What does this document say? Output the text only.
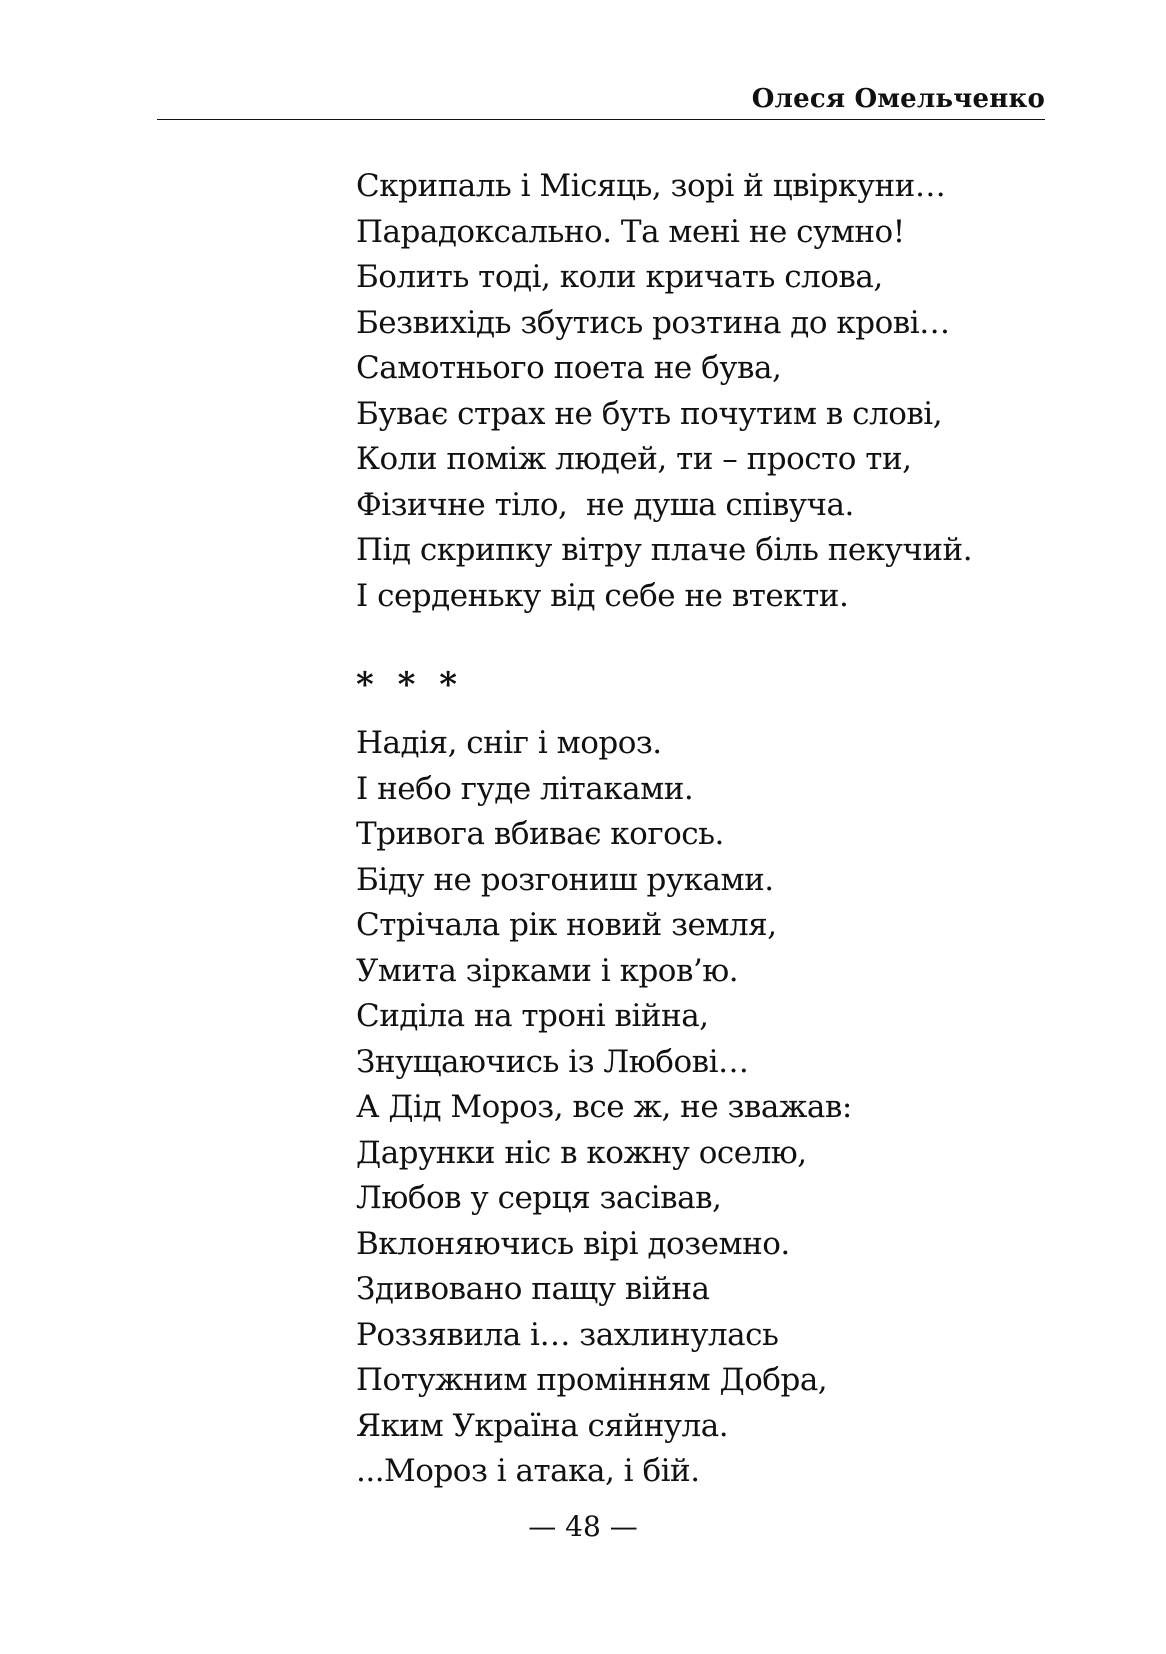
Олеся Омельченко
Скрипаль і Місяць, зорі й цвіркуни…
Парадоксально. Та мені не сумно!
Болить тоді, коли кричать слова,
Безвихідь збутись розтина до крові…
Самотнього поета не бува,
Буває страх не буть почутим в слові,
Коли поміж людей, ти – просто ти,
Фізичне тіло,  не душа співуча.
Під скрипку вітру плаче біль пекучий.
І серденьку від себе не втекти.
* * *
Надія, сніг і мороз.
І небо гуде літаками.
Тривога вбиває когось.
Біду не розгониш руками.
Стрічала рік новий земля,
Умита зірками і кров’ю.
Сиділа на троні війна,
Знущаючись із Любові…
А Дід Мороз, все ж, не зважав:
Дарунки ніс в кожну оселю,
Любов у серця засівав,
Вклоняючись вірі доземно.
Здивовано пащу війна
Роззявила і… захлинулась
Потужним промінням Добра,
Яким Україна сяйнула.
...Мороз і атака, і бій.
— 48 —
